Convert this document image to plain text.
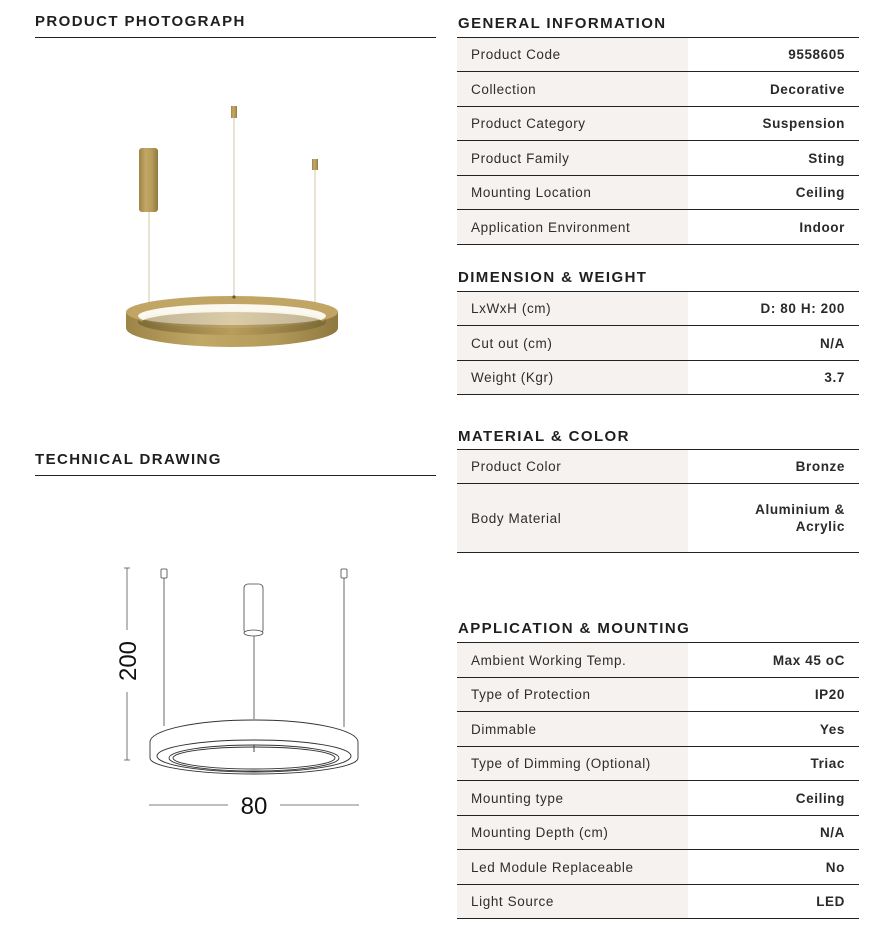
PRODUCT PHOTOGRAPH
TECHNICAL DRAWING
200
80
GENERAL INFORMATION
Product Code	9558605
Collection	Decorative
Product Category	Suspension
Product Family	Sting
Mounting Location	Ceiling
Application Environment	Indoor
DIMENSION & WEIGHT
LxWxH (cm)	D: 80 H: 200
Cut out (cm)	N/A
Weight (Kgr)	3.7
MATERIAL & COLOR
Product Color	Bronze
Body Material	Aluminium & Acrylic
APPLICATION & MOUNTING
Ambient Working Temp.	Max 45 oC
Type of Protection	IP20
Dimmable	Yes
Type of Dimming (Optional)	Triac
Mounting type	Ceiling
Mounting Depth (cm)	N/A
Led Module Replaceable	No
Light Source	LED
